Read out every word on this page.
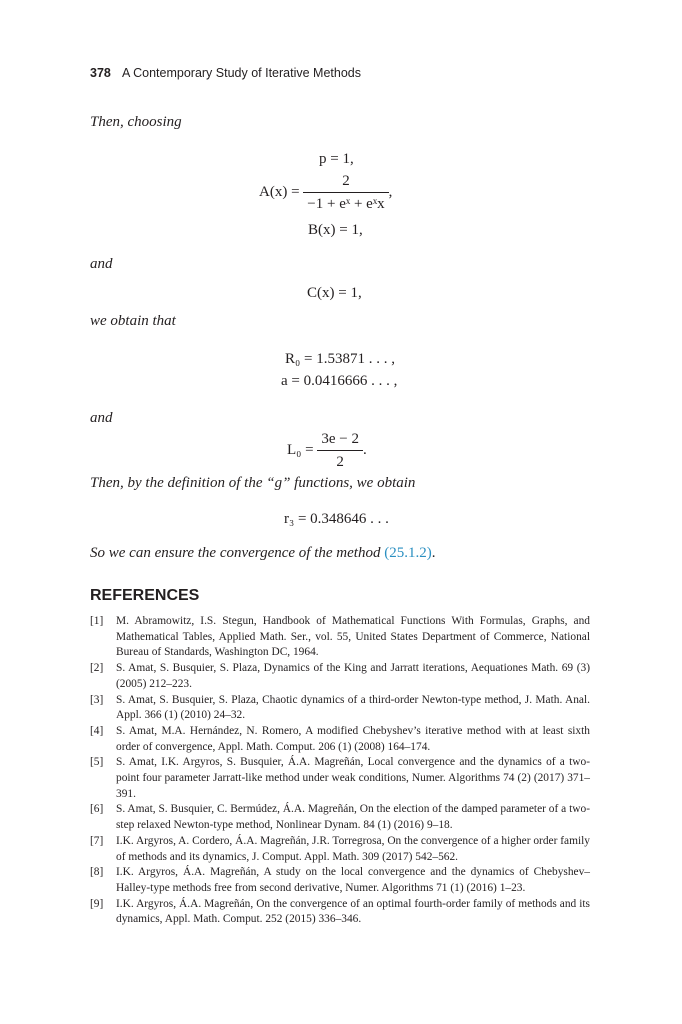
378 A Contemporary Study of Iterative Methods
Then, choosing
p = 1,
$A(x) = \frac{2}{\text{−1 + eˣ + eˣx}}$ ,
B(x) = 1,
and
C(x) = 1,
we obtain that
R₀ = 1.53871 . . . ,
a = 0.0416666 . . . ,
and
$L_0 = \frac{3e - 2}{2}$ .
Then, by the definition of the “g” functions, we obtain
r₃ = 0.348646 . . .
So we can ensure the convergence of the method (25.1.2).
REFERENCES
[1] M. Abramowitz, I.S. Stegun, Handbook of Mathematical Functions With Formulas, Graphs, and Mathematical Tables, Applied Math. Ser., vol. 55, United States Department of Commerce, National Bureau of Standards, Washington DC, 1964.
[2] S. Amat, S. Busquier, S. Plaza, Dynamics of the King and Jarratt iterations, Aequationes Math. 69 (3) (2005) 212–223.
[3] S. Amat, S. Busquier, S. Plaza, Chaotic dynamics of a third-order Newton-type method, J. Math. Anal. Appl. 366 (1) (2010) 24–32.
[4] S. Amat, M.A. Hernández, N. Romero, A modified Chebyshev’s iterative method with at least sixth order of convergence, Appl. Math. Comput. 206 (1) (2008) 164–174.
[5] S. Amat, I.K. Argyros, S. Busquier, Á.A. Magreñán, Local convergence and the dynamics of a two-point four parameter Jarratt-like method under weak conditions, Numer. Algorithms 74 (2) (2017) 371–391.
[6] S. Amat, S. Busquier, C. Bermúdez, Á.A. Magreñán, On the election of the damped parameter of a two-step relaxed Newton-type method, Nonlinear Dynam. 84 (1) (2016) 9–18.
[7] I.K. Argyros, A. Cordero, Á.A. Magreñán, J.R. Torregrosa, On the convergence of a higher order family of methods and its dynamics, J. Comput. Appl. Math. 309 (2017) 542–562.
[8] I.K. Argyros, Á.A. Magreñán, A study on the local convergence and the dynamics of Chebyshev–Halley-type methods free from second derivative, Numer. Algorithms 71 (1) (2016) 1–23.
[9] I.K. Argyros, Á.A. Magreñán, On the convergence of an optimal fourth-order family of methods and its dynamics, Appl. Math. Comput. 252 (2015) 336–346.
